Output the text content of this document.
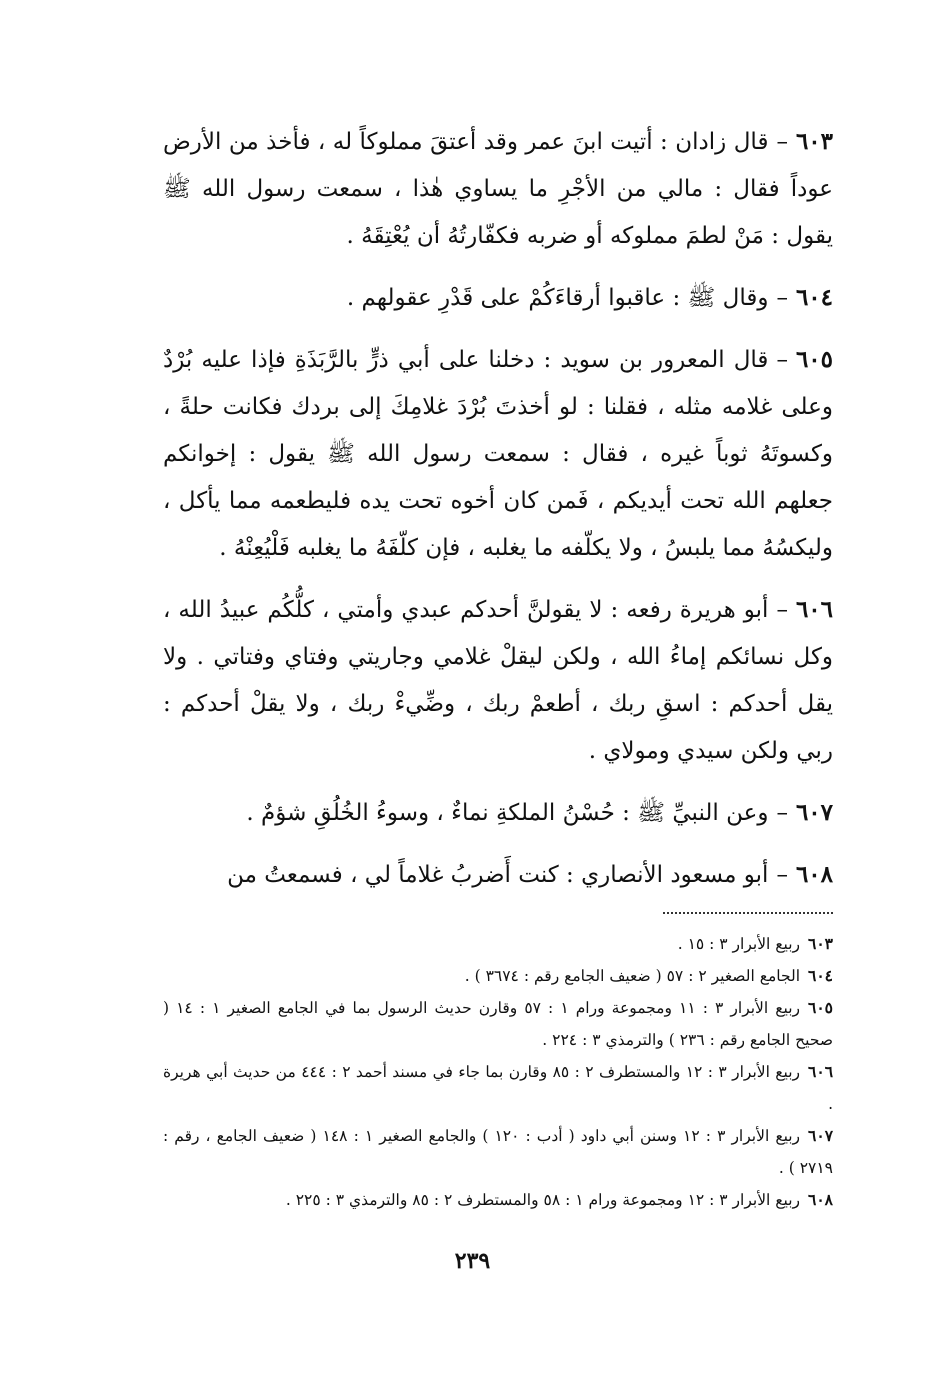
٦٠٣–قال زادان : أتيت ابنَ عمر وقد أعتقَ مملوكاً له ، فأخذ من الأرض عوداً فقال : مالي من الأجْرِ ما يساوي هٰذا ، سمعت رسول الله ﷺ يقول : مَنْ لطمَ مملوكه أو ضربه فكفّارتُهُ أن يُعْتِقَهُ .

٦٠٤–وقال ﷺ : عاقبوا أرقاءَكُمْ على قَدْرِ عقولهم .

٦٠٥–قال المعرور بن سويد : دخلنا على أبي ذرٍّ بالرَّبَذَةِ فإذا عليه بُرْدٌ وعلى غلامه مثله ، فقلنا : لو أخذتَ بُرْدَ غلامِكَ إلى بردك فكانت حلةً ، وكسوتَهُ ثوباً غيره ، فقال : سمعت رسول الله ﷺ يقول : إخوانكم جعلهم الله تحت أيديكم ، فَمن كان أخوه تحت يده فليطعمه مما يأكل ، وليكسُهُ مما يلبسُ ، ولا يكلّفه ما يغلبه ، فإن كلّفَهُ ما يغلبه فَلْيُعِنْهُ .

٦٠٦–أبو هريرة رفعه : لا يقولنَّ أحدكم عبدي وأمتي ، كلُّكُم عبيدُ الله ، وكل نسائكم إماءُ الله ، ولكن ليقلْ غلامي وجاريتي وفتاي وفتاتي . ولا يقل أحدكم : اسقِ ربك ، أطعمْ ربك ، وضِّيءْ ربك ، ولا يقلْ أحدكم : ربي ولكن سيدي ومولاي .

٦٠٧–وعن النبيِّ ﷺ : حُسْنُ الملكةِ نماءٌ ، وسوءُ الخُلُقِ شؤمٌ .

٦٠٨–أبو مسعود الأنصاري : كنت أَضربُ غلاماً لي ، فسمعتُ من

٦٠٣ربيع الأبرار ٣ : ١٥ .

٦٠٤الجامع الصغير ٢ : ٥٧ ( ضعيف الجامع رقم : ٣٦٧٤ ) .

٦٠٥ربيع الأبرار ٣ : ١١ ومجموعة ورام ١ : ٥٧ وقارن حديث الرسول بما في الجامع الصغير ١ : ١٤ ( صحيح الجامع رقم : ٢٣٦ ) والترمذي ٣ : ٢٢٤ .

٦٠٦ربيع الأبرار ٣ : ١٢ والمستطرف ٢ : ٨٥ وقارن بما جاء في مسند أحمد ٢ : ٤٤٤ من حديث أبي هريرة .

٦٠٧ربيع الأبرار ٣ : ١٢ وسنن أبي داود ( أدب : ١٢٠ ) والجامع الصغير ١ : ١٤٨ ( ضعيف الجامع ، رقم : ٢٧١٩ ) .

٦٠٨ربيع الأبرار ٣ : ١٢ ومجموعة ورام ١ : ٥٨ والمستطرف ٢ : ٨٥ والترمذي ٣ : ٢٢٥ .

٢٣٩
